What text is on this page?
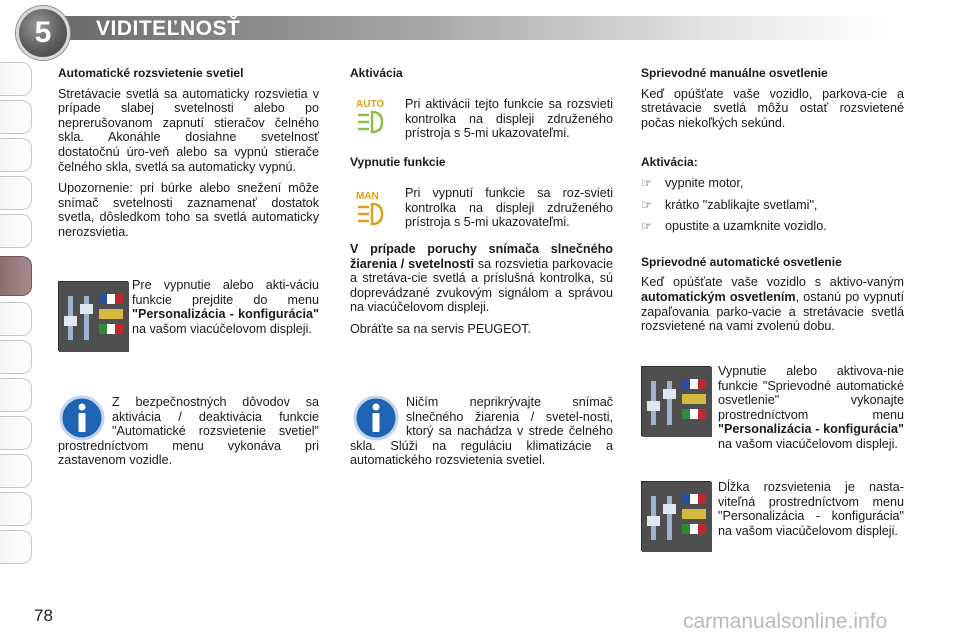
5	VIDITEĽNOSŤ
Automatické rozsvietenie svetiel

Stretávacie svetlá sa automaticky rozsvietia v prípade slabej svetelnosti alebo po neprerušovanom zapnutí stieračov čelného skla. Akonáhle dosiahne svetelnosť dostatočnú úro-veň alebo sa vypnú stierače čelného skla, svetlá sa automaticky vypnú.

Upozornenie: pri búrke alebo snežení môže snímač svetelnosti zaznamenať dostatok svetla, dôsledkom toho sa svetlá automaticky nerozsvietia.

Pre vypnutie alebo akti-váciu funkcie prejdite do menu "Personalizácia - konfigurácia" na vašom viacúčelovom displeji.
Z bezpečnostných dôvodov sa aktivácia / deaktivácia funkcie "Automatické rozsvietenie svetiel" prostredníctvom menu vykonáva pri zastavenom vozidle.
Aktivácia
AUTO Pri aktivácii tejto funkcie sa rozsvieti kontrolka na displeji združeného prístroja s 5-mi ukazovateľmi.
Vypnutie funkcie
MAN Pri vypnutí funkcie sa roz-svieti kontrolka na displeji združeného prístroja s 5-mi ukazovateľmi.

V prípade poruchy snímača slnečného žiarenia / svetelnosti sa rozsvietia parkovacie a stretáva-cie svetlá a príslušná kontrolka, sú doprevádzané zvukovým signálom a správou na viacúčelovom displeji.

Obráťte sa na servis PEUGEOT.

Ničím neprikrývajte snímač slnečného žiarenia / svetel-nosti, ktorý sa nachádza v strede čelného skla. Slúži na reguláciu klimatizácie a automatického rozsvietenia svetiel.
Sprievodné manuálne osvetlenie

Keď opúšťate vaše vozidlo, parkova-cie a stretávacie svetlá môžu ostať rozsvietené počas niekoľkých sekúnd.

Aktivácia:
☞ vypnite motor,
☞ krátko "zablikajte svetlami",
☞ opustite a uzamknite vozidlo.
Sprievodné automatické osvetlenie

Keď opúšťate vaše vozidlo s aktivo-vaným automatickým osvetlením, ostanú po vypnutí zapaľovania parko-vacie a stretávacie svetlá rozsvietené na vami zvolenú dobu.

Vypnutie alebo aktivova-nie funkcie "Sprievodné automatické osvetlenie" vykonajte prostredníctvom menu "Personalizácia - konfigurácia" na vašom viacúčelovom displeji.
Dĺžka rozsvietenia je nasta-viteľná prostredníctvom menu "Personalizácia - konfigurácia" na vašom viacúčelovom displeji.
78	carmanualsonline.info
